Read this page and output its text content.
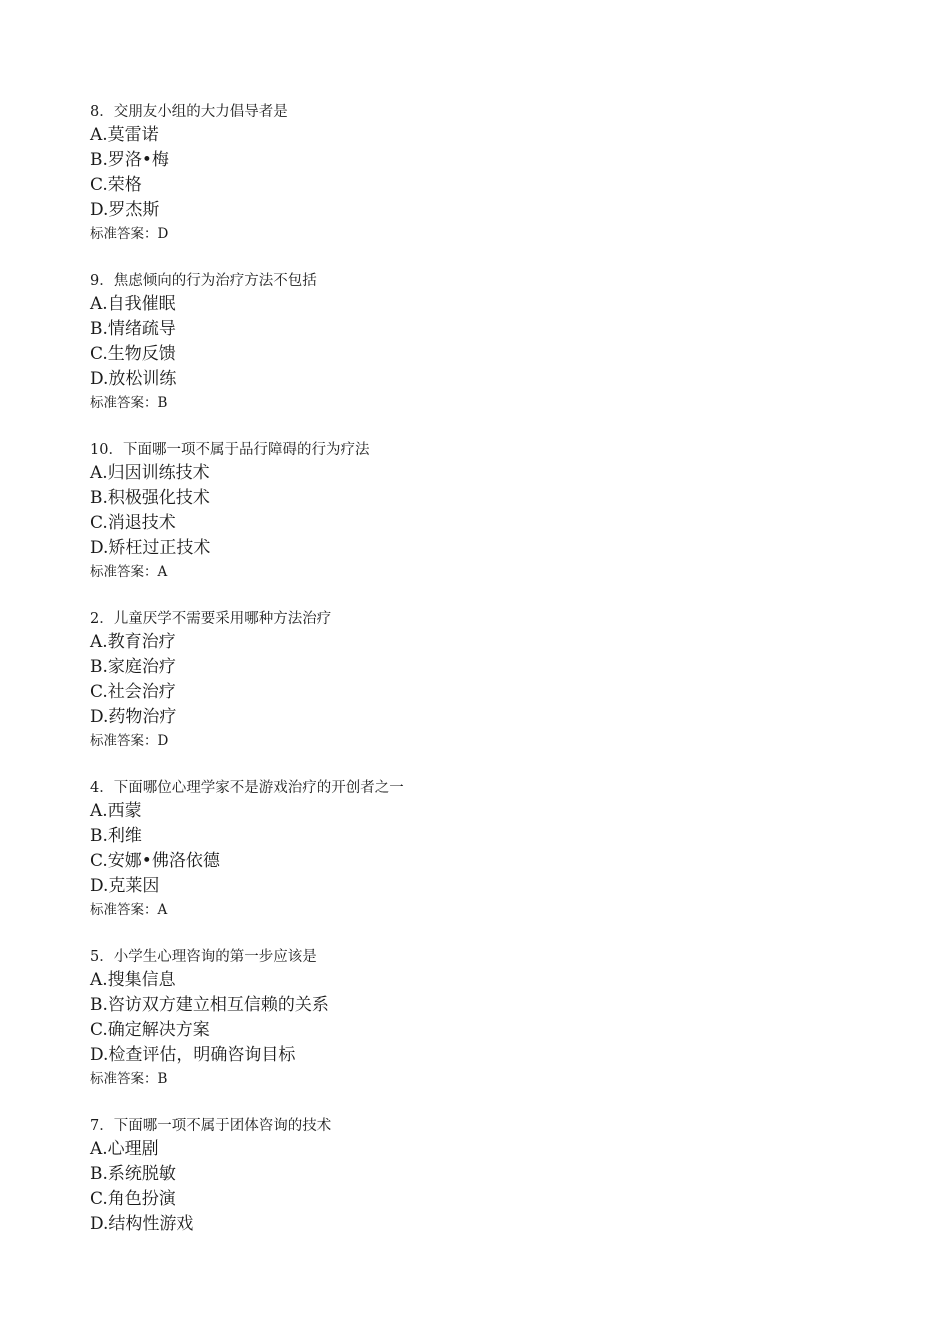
8．交朋友小组的大力倡导者是
A.莫雷诺
B.罗洛•梅
C.荣格
D.罗杰斯
标准答案：D
9．焦虑倾向的行为治疗方法不包括
A.自我催眠
B.情绪疏导
C.生物反馈
D.放松训练
标准答案：B
10．下面哪一项不属于品行障碍的行为疗法
A.归因训练技术
B.积极强化技术
C.消退技术
D.矫枉过正技术
标准答案：A
2．儿童厌学不需要采用哪种方法治疗
A.教育治疗
B.家庭治疗
C.社会治疗
D.药物治疗
标准答案：D
4．下面哪位心理学家不是游戏治疗的开创者之一
A.西蒙
B.利维
C.安娜•佛洛依德
D.克莱因
标准答案：A
5．小学生心理咨询的第一步应该是
A.搜集信息
B.咨访双方建立相互信赖的关系
C.确定解决方案
D.检查评估，明确咨询目标
标准答案：B
7．下面哪一项不属于团体咨询的技术
A.心理剧
B.系统脱敏
C.角色扮演
D.结构性游戏
